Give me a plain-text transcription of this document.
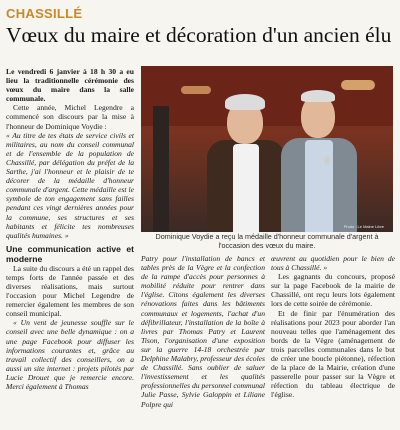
CHASSILLÉ
Vœux du maire et décoration d'un ancien élu

Le vendredi 6 janvier à 18 h 30 a eu lieu la traditionnelle cérémonie des vœux du maire dans la salle communale.

Cette année, Michel Legendre a commencé son discours par la mise à l'honneur de Dominique Voydie :

« Au titre de tes états de service civils et militaires, au nom du conseil communal et de l'ensemble de la population de Chassillé, par délégation du préfet de la Sarthe, j'ai l'honneur et le plaisir de te décorer de la médaille d'honneur communale d'argent. Cette médaille est le symbole de ton engagement sans failles pendant ces vingt dernières années pour la commune, ses structures et ses habitants et félicite tes nombreuses qualités humaines. »

Une communication active et moderne

La suite du discours a été un rappel des temps forts de l'année passée et des diverses réalisations, mais surtout l'occasion pour Michel Legendre de remercier également les membres de son conseil municipal.

« Un vent de jeunesse souffle sur le conseil avec une belle dynamique : on a une page Facebook pour diffuser les informations courantes et, grâce au travail collectif des conseillers, on a aussi un site internet : projets pilotés par Lucie Drouet que je remercie encore. Merci également à Thomas

Photo : Le Maine Libre
Dominique Voydie a reçu la médaille d'honneur communale d'argent à l'occasion des vœux du maire.

Patry pour l'installation de bancs et tables près de la Vègre et la confection de la rampe d'accès pour personnes à mobilité réduite pour rentrer dans l'église. Citons également les diverses rénovations faites dans les bâtiments communaux et logements, l'achat d'un défibrillateur, l'installation de la boîte à livres par Thomas Patry et Laurent Tison, l'organisation d'une exposition sur la guerre 14-18 orchestrée par Delphine Malabry, professeur des écoles de Chassillé. Sans oublier de saluer l'investissement et les qualités professionnelles du personnel communal Julie Passe, Sylvie Galoppin et Liliane Polpre qui

œuvrent au quotidien pour le bien de tous à Chassillé. »

Les gagnants du concours, proposé sur la page Facebook de la mairie de Chassillé, ont reçu leurs lots également lors de cette soirée de cérémonie.

Et de finir par l'énumération des réalisations pour 2023 pour aborder l'an nouveau telles que l'aménagement des bords de la Vègre (aménagement de trois parcelles communales dans le but de créer une boucle piétonne), réfection de la place de la Mairie, création d'une passerelle pour passer sur la Vègre et réfection du tableau électrique de l'église.
